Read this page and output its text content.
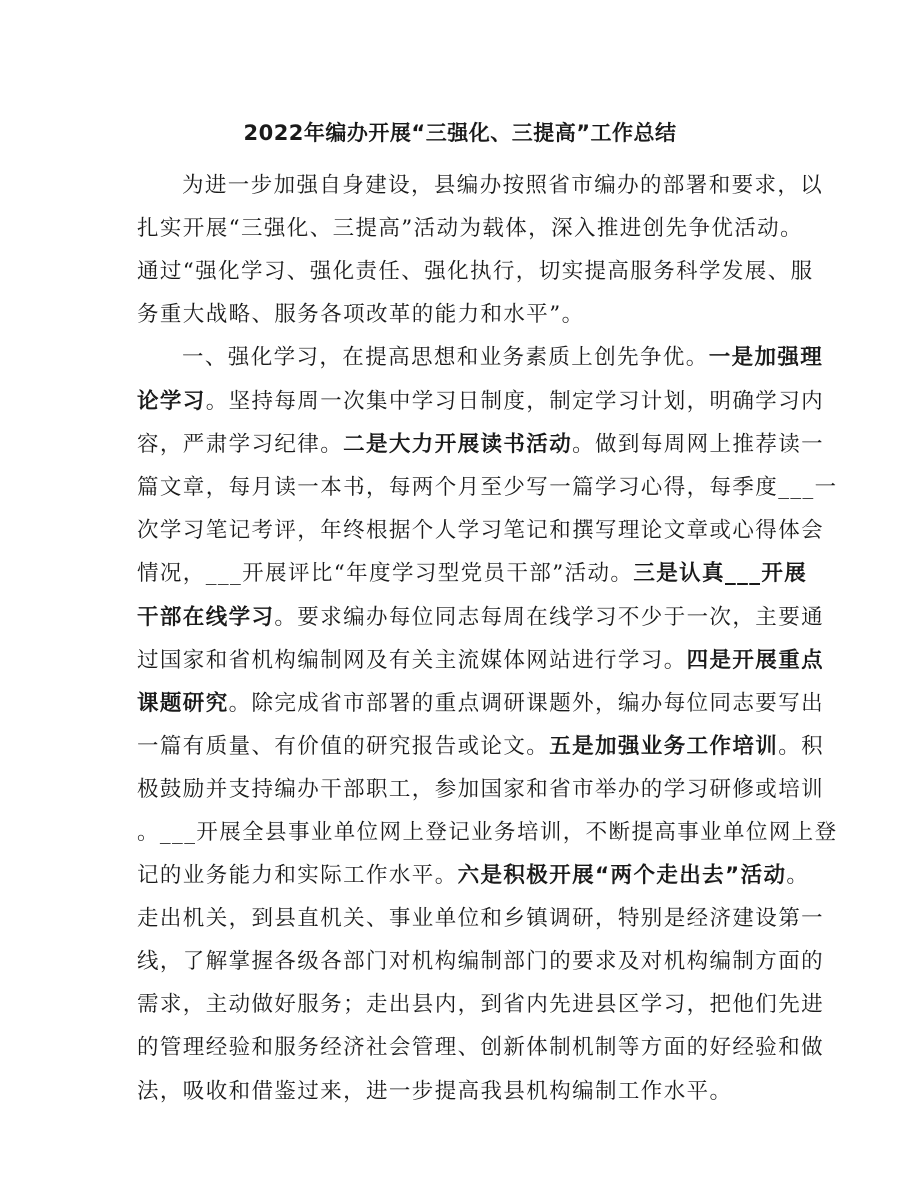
2022年编办开展“三强化、三提高”工作总结
为进一步加强自身建设，县编办按照省市编办的部署和要求，以
扎实开展“三强化、三提高”活动为载体，深入推进创先争优活动。
通过“强化学习、强化责任、强化执行，切实提高服务科学发展、服
务重大战略、服务各项改革的能力和水平”。
一、强化学习，在提高思想和业务素质上创先争优。一是加强理
论学习。坚持每周一次集中学习日制度，制定学习计划，明确学习内
容，严肃学习纪律。二是大力开展读书活动。做到每周网上推荐读一
篇文章，每月读一本书，每两个月至少写一篇学习心得，每季度___一
次学习笔记考评，年终根据个人学习笔记和撰写理论文章或心得体会
情况，___开展评比“年度学习型党员干部”活动。三是认真___开展
干部在线学习。要求编办每位同志每周在线学习不少于一次，主要通
过国家和省机构编制网及有关主流媒体网站进行学习。四是开展重点
课题研究。除完成省市部署的重点调研课题外，编办每位同志要写出
一篇有质量、有价值的研究报告或论文。五是加强业务工作培训。积
极鼓励并支持编办干部职工，参加国家和省市举办的学习研修或培训
。___开展全县事业单位网上登记业务培训，不断提高事业单位网上登
记的业务能力和实际工作水平。六是积极开展“两个走出去”活动。
走出机关，到县直机关、事业单位和乡镇调研，特别是经济建设第一
线，了解掌握各级各部门对机构编制部门的要求及对机构编制方面的
需求，主动做好服务；走出县内，到省内先进县区学习，把他们先进
的管理经验和服务经济社会管理、创新体制机制等方面的好经验和做
法，吸收和借鉴过来，进一步提高我县机构编制工作水平。
